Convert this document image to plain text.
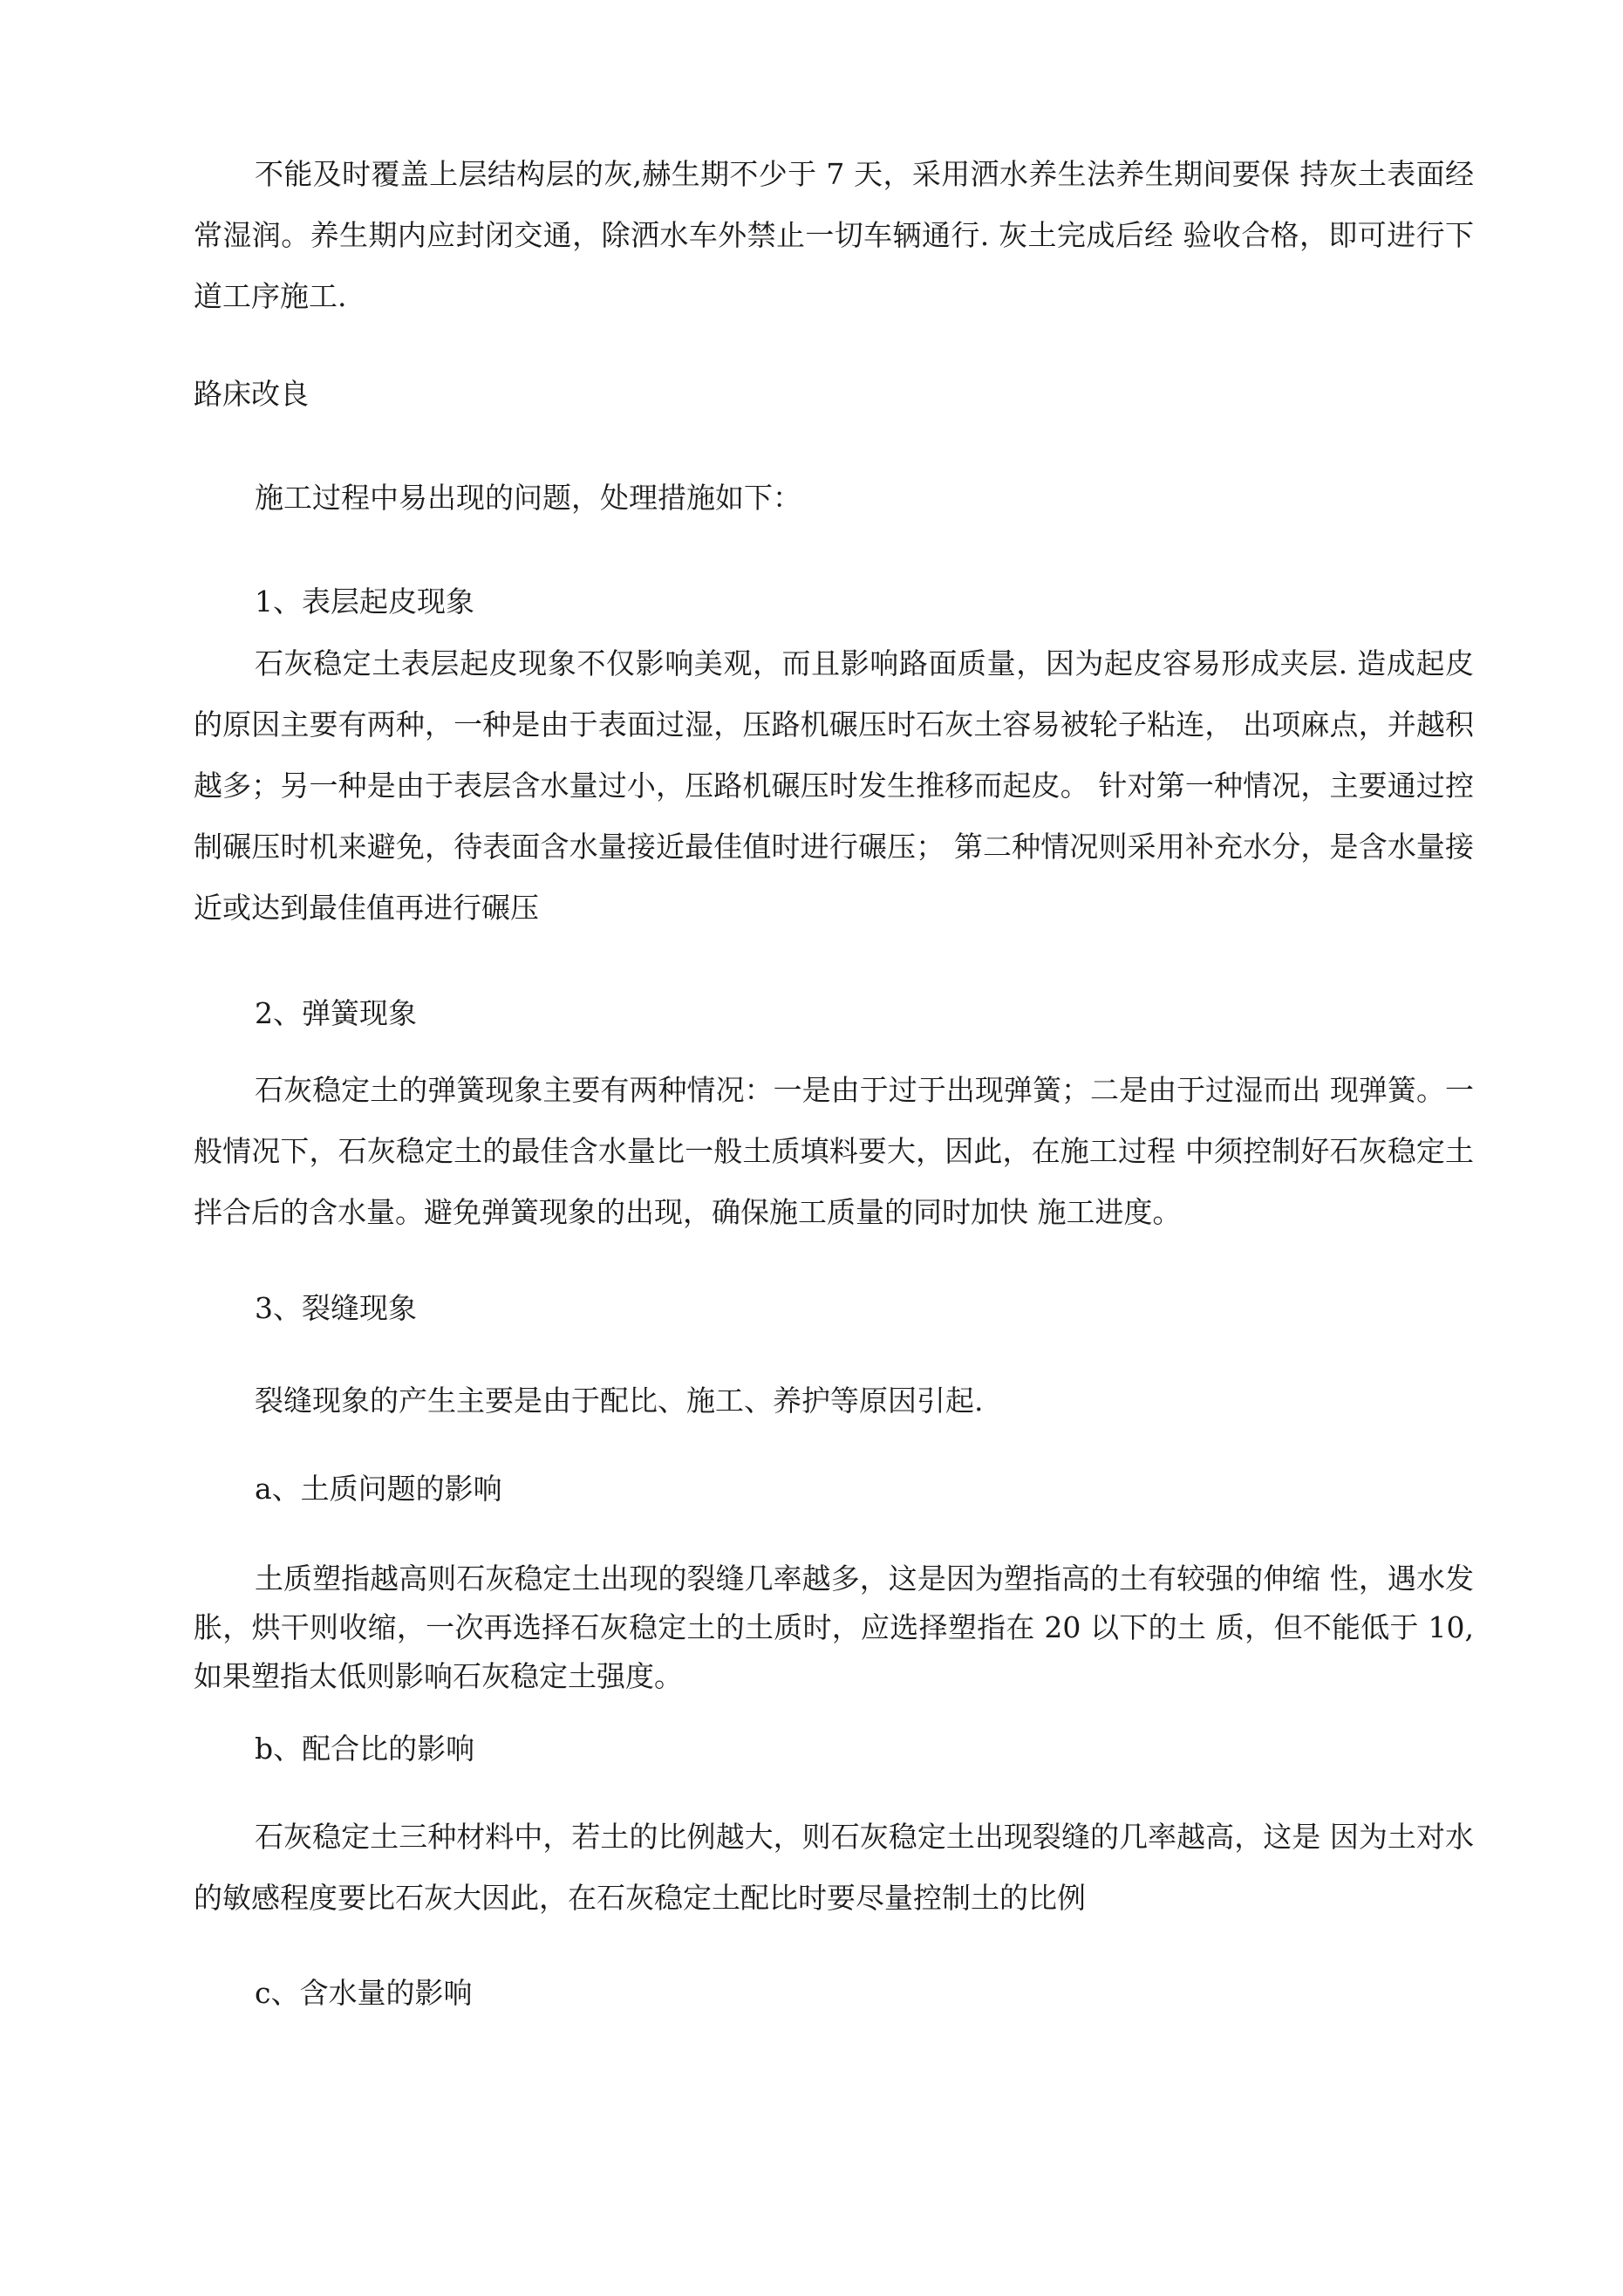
不能及时覆盖上层结构层的灰,赫生期不少于 7 天，采用洒水养生法养生期间要保 持灰土表面经常湿润。养生期内应封闭交通，除洒水车外禁止一切车辆通行. 灰土完成后经 验收合格，即可进行下道工序施工.

路床改良

施工过程中易出现的问题，处理措施如下：

1、表层起皮现象

石灰稳定土表层起皮现象不仅影响美观，而且影响路面质量，因为起皮容易形成夹层. 造成起皮的原因主要有两种，一种是由于表面过湿，压路机碾压时石灰土容易被轮子粘连， 出项麻点，并越积越多；另一种是由于表层含水量过小，压路机碾压时发生推移而起皮。 针对第一种情况，主要通过控制碾压时机来避免，待表面含水量接近最佳值时进行碾压； 第二种情况则采用补充水分，是含水量接近或达到最佳值再进行碾压

2、弹簧现象

石灰稳定土的弹簧现象主要有两种情况：一是由于过于出现弹簧；二是由于过湿而出 现弹簧。一般情况下，石灰稳定土的最佳含水量比一般土质填料要大，因此，在施工过程 中须控制好石灰稳定土拌合后的含水量。避免弹簧现象的出现，确保施工质量的同时加快 施工进度。

3、裂缝现象

裂缝现象的产生主要是由于配比、施工、养护等原因引起.

a、土质问题的影响

土质塑指越高则石灰稳定土出现的裂缝几率越多，这是因为塑指高的土有较强的伸缩 性，遇水发胀，烘干则收缩，一次再选择石灰稳定土的土质时，应选择塑指在 20 以下的土 质，但不能低于 10,如果塑指太低则影响石灰稳定土强度。

b、配合比的影响

石灰稳定土三种材料中，若土的比例越大，则石灰稳定土出现裂缝的几率越高，这是 因为土对水的敏感程度要比石灰大因此，在石灰稳定土配比时要尽量控制土的比例

c、含水量的影响
